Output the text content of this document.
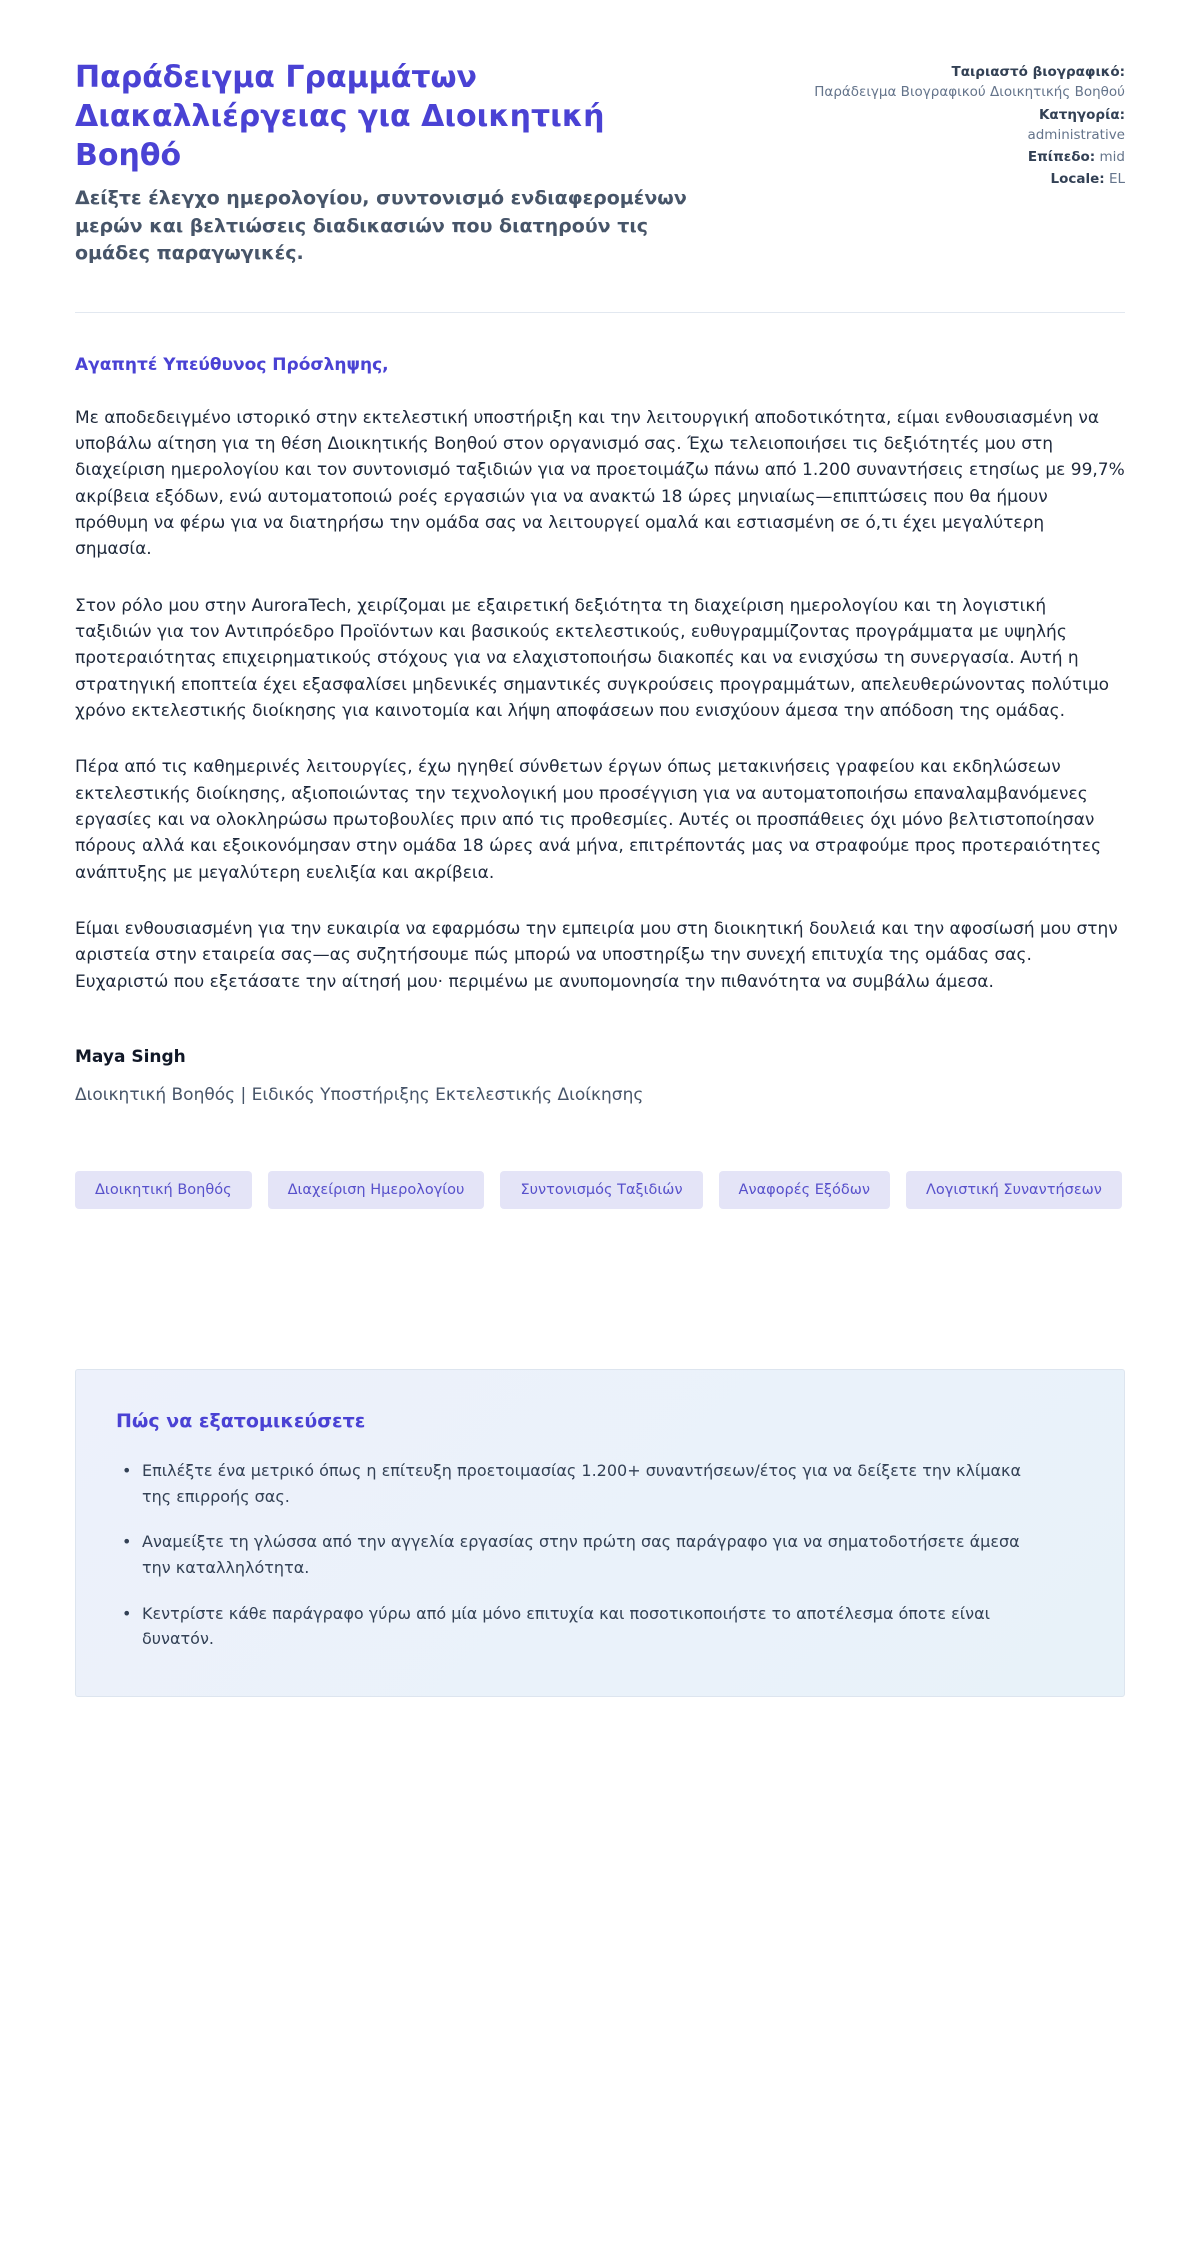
Παράδειγμα Γραμμάτων Διακαλλιέργειας για Διοικητική Βοηθό

Δείξτε έλεγχο ημερολογίου, συντονισμό ενδιαφερομένων μερών και βελτιώσεις διαδικασιών που διατηρούν τις ομάδες παραγωγικές.

Ταιριαστό βιογραφικό:
Παράδειγμα Βιογραφικού Διοικητικής Βοηθού
Κατηγορία:
administrative
Επίπεδο: mid
Locale: EL

Αγαπητέ Υπεύθυνος Πρόσληψης,

Με αποδεδειγμένο ιστορικό στην εκτελεστική υποστήριξη και την λειτουργική αποδοτικότητα, είμαι ενθουσιασμένη να υποβάλω αίτηση για τη θέση Διοικητικής Βοηθού στον οργανισμό σας. Έχω τελειοποιήσει τις δεξιότητές μου στη διαχείριση ημερολογίου και τον συντονισμό ταξιδιών για να προετοιμάζω πάνω από 1.200 συναντήσεις ετησίως με 99,7% ακρίβεια εξόδων, ενώ αυτοματοποιώ ροές εργασιών για να ανακτώ 18 ώρες μηνιαίως—επιπτώσεις που θα ήμουν πρόθυμη να φέρω για να διατηρήσω την ομάδα σας να λειτουργεί ομαλά και εστιασμένη σε ό,τι έχει μεγαλύτερη σημασία.

Στον ρόλο μου στην AuroraTech, χειρίζομαι με εξαιρετική δεξιότητα τη διαχείριση ημερολογίου και τη λογιστική ταξιδιών για τον Αντιπρόεδρο Προϊόντων και βασικούς εκτελεστικούς, ευθυγραμμίζοντας προγράμματα με υψηλής προτεραιότητας επιχειρηματικούς στόχους για να ελαχιστοποιήσω διακοπές και να ενισχύσω τη συνεργασία. Αυτή η στρατηγική εποπτεία έχει εξασφαλίσει μηδενικές σημαντικές συγκρούσεις προγραμμάτων, απελευθερώνοντας πολύτιμο χρόνο εκτελεστικής διοίκησης για καινοτομία και λήψη αποφάσεων που ενισχύουν άμεσα την απόδοση της ομάδας.

Πέρα από τις καθημερινές λειτουργίες, έχω ηγηθεί σύνθετων έργων όπως μετακινήσεις γραφείου και εκδηλώσεων εκτελεστικής διοίκησης, αξιοποιώντας την τεχνολογική μου προσέγγιση για να αυτοματοποιήσω επαναλαμβανόμενες εργασίες και να ολοκληρώσω πρωτοβουλίες πριν από τις προθεσμίες. Αυτές οι προσπάθειες όχι μόνο βελτιστοποίησαν πόρους αλλά και εξοικονόμησαν στην ομάδα 18 ώρες ανά μήνα, επιτρέποντάς μας να στραφούμε προς προτεραιότητες ανάπτυξης με μεγαλύτερη ευελιξία και ακρίβεια.

Είμαι ενθουσιασμένη για την ευκαιρία να εφαρμόσω την εμπειρία μου στη διοικητική δουλειά και την αφοσίωσή μου στην αριστεία στην εταιρεία σας—ας συζητήσουμε πώς μπορώ να υποστηρίξω την συνεχή επιτυχία της ομάδας σας. Ευχαριστώ που εξετάσατε την αίτησή μου· περιμένω με ανυπομονησία την πιθανότητα να συμβάλω άμεσα.

Maya Singh

Διοικητική Βοηθός | Ειδικός Υποστήριξης Εκτελεστικής Διοίκησης

Διοικητική Βοηθός	Διαχείριση Ημερολογίου	Συντονισμός Ταξιδιών	Αναφορές Εξόδων	Λογιστική Συναντήσεων
Πώς να εξατομικεύσετε
• Επιλέξτε ένα μετρικό όπως η επίτευξη προετοιμασίας 1.200+ συναντήσεων/έτος για να δείξετε την κλίμακα της επιρροής σας.
• Αναμείξτε τη γλώσσα από την αγγελία εργασίας στην πρώτη σας παράγραφο για να σηματοδοτήσετε άμεσα την καταλληλότητα.
• Κεντρίστε κάθε παράγραφο γύρω από μία μόνο επιτυχία και ποσοτικοποιήστε το αποτέλεσμα όποτε είναι δυνατόν.
